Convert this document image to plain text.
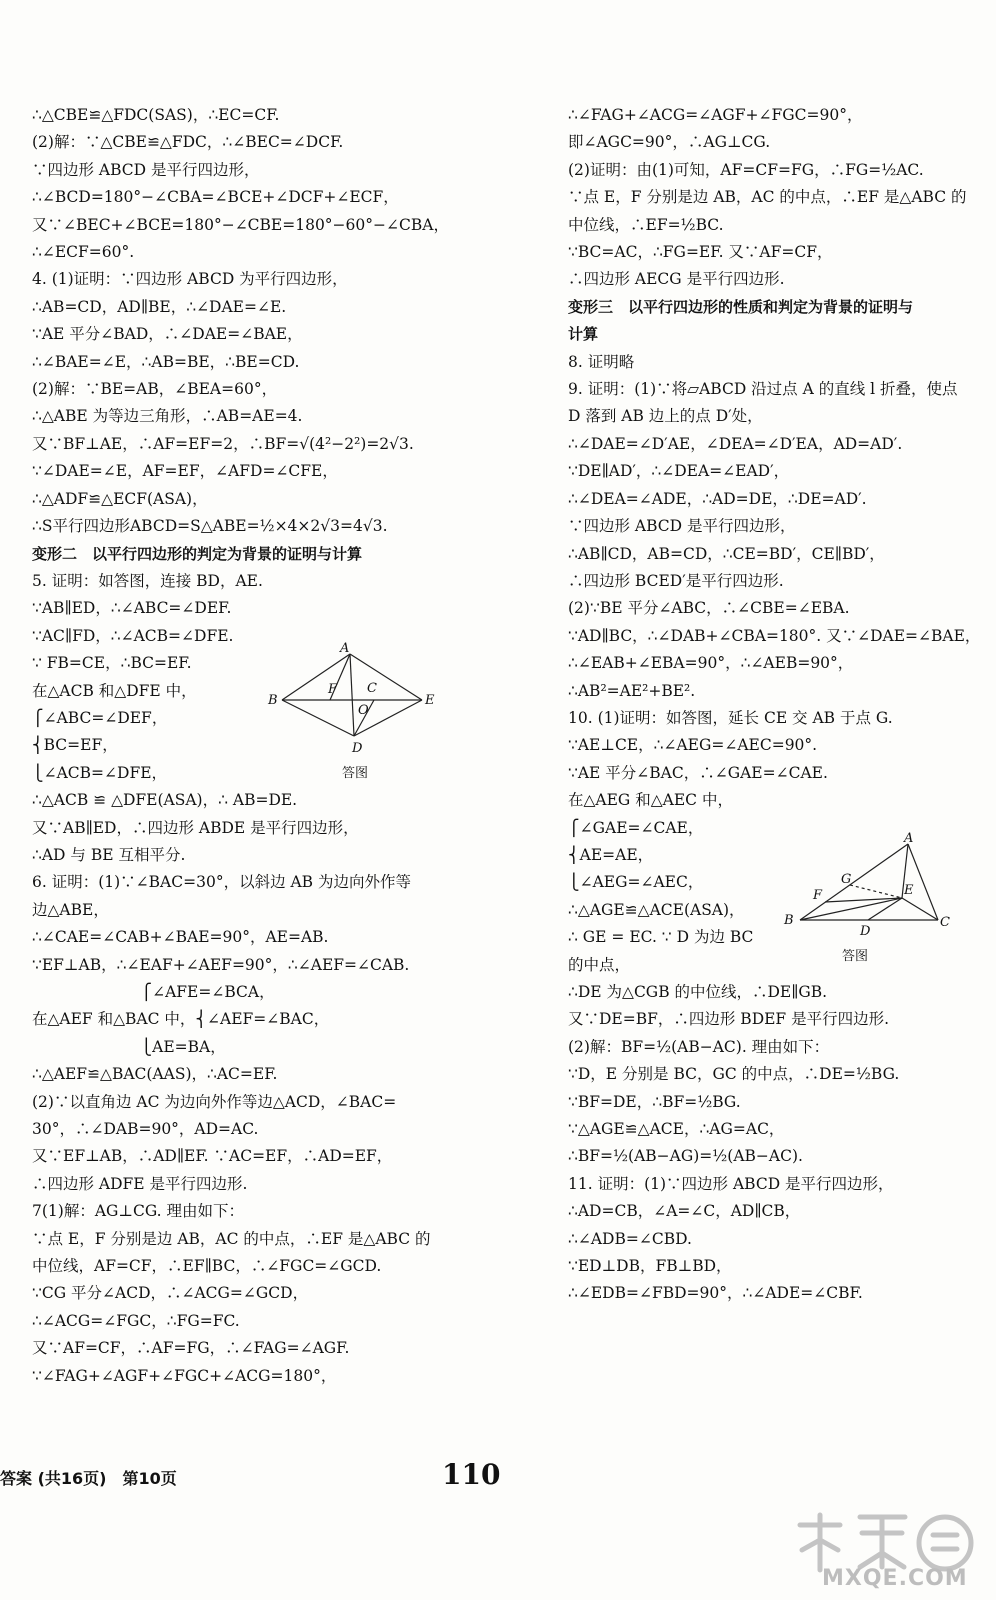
∴△CBE≌△FDC(SAS)，∴EC=CF.
(2)解：∵△CBE≌△FDC，∴∠BEC=∠DCF.
∵四边形 ABCD 是平行四边形，
∴∠BCD=180°−∠CBA=∠BCE+∠DCF+∠ECF，
又∵∠BEC+∠BCE=180°−∠CBE=180°−60°−∠CBA，
∴∠ECF=60°.
4. (1)证明：∵四边形 ABCD 为平行四边形，
∴AB=CD，AD∥BE，∴∠DAE=∠E.
∵AE 平分∠BAD，∴∠DAE=∠BAE，
∴∠BAE=∠E，∴AB=BE，∴BE=CD.
(2)解：∵BE=AB，∠BEA=60°，
∴△ABE 为等边三角形，∴AB=AE=4.
又∵BF⊥AE，∴AF=EF=2，∴BF=√(4²−2²)=2√3.
∵∠DAE=∠E，AF=EF，∠AFD=∠CFE，
∴△ADF≌△ECF(ASA)，
∴S平行四边形ABCD=S△ABE=½×4×2√3=4√3.
变形二　以平行四边形的判定为背景的证明与计算
5. 证明：如答图，连接 BD，AE.
∵AB∥ED，∴∠ABC=∠DEF.
∵AC∥FD，∴∠ACB=∠DFE.
∵ FB=CE，∴BC=EF.
在△ACB 和△DFE 中，
⎧∠ABC=∠DEF，
⎨BC=EF，
⎩∠ACB=∠DFE，
∴△ACB ≌ △DFE(ASA)，∴ AB=DE.
又∵AB∥ED，∴四边形 ABDE 是平行四边形，
∴AD 与 BE 互相平分.
6. 证明：(1)∵∠BAC=30°，以斜边 AB 为边向外作等
边△ABE，
∴∠CAE=∠CAB+∠BAE=90°，AE=AB.
∵EF⊥AB，∴∠EAF+∠AEF=90°，∴∠AEF=∠CAB.
　　　　　　　⎧∠AFE=∠BCA，
在△AEF 和△BAC 中，⎨∠AEF=∠BAC，
　　　　　　　⎩AE=BA，
∴△AEF≌△BAC(AAS)，∴AC=EF.
(2)∵以直角边 AC 为边向外作等边△ACD，∠BAC=
30°，∴∠DAB=90°，AD=AC.
又∵EF⊥AB，∴AD∥EF. ∵AC=EF，∴AD=EF，
∴四边形 ADFE 是平行四边形.
7(1)解：AG⊥CG. 理由如下：
∵点 E，F 分别是边 AB，AC 的中点，∴EF 是△ABC 的
中位线，AF=CF，∴EF∥BC，∴∠FGC=∠GCD.
∵CG 平分∠ACD，∴∠ACG=∠GCD，
∴∠ACG=∠FGC，∴FG=FC.
又∵AF=CF，∴AF=FG，∴∠FAG=∠AGF.
∵∠FAG+∠AGF+∠FGC+∠ACG=180°，
∴∠FAG+∠ACG=∠AGF+∠FGC=90°，
即∠AGC=90°，∴AG⊥CG.
(2)证明：由(1)可知，AF=CF=FG，∴FG=½AC.
∵点 E，F 分别是边 AB，AC 的中点，∴EF 是△ABC 的
中位线，∴EF=½BC.
∵BC=AC，∴FG=EF. 又∵AF=CF，
∴四边形 AECG 是平行四边形.
变形三　以平行四边形的性质和判定为背景的证明与
计算
8. 证明略
9. 证明：(1)∵将▱ABCD 沿过点 A 的直线 l 折叠，使点
D 落到 AB 边上的点 D′处，
∴∠DAE=∠D′AE，∠DEA=∠D′EA，AD=AD′.
∵DE∥AD′，∴∠DEA=∠EAD′，
∴∠DEA=∠ADE，∴AD=DE，∴DE=AD′.
∵四边形 ABCD 是平行四边形，
∴AB∥CD，AB=CD，∴CE=BD′，CE∥BD′，
∴四边形 BCED′是平行四边形.
(2)∵BE 平分∠ABC，∴∠CBE=∠EBA.
∵AD∥BC，∴∠DAB+∠CBA=180°. 又∵∠DAE=∠BAE，
∴∠EAB+∠EBA=90°，∴∠AEB=90°，
∴AB²=AE²+BE².
10. (1)证明：如答图，延长 CE 交 AB 于点 G.
∵AE⊥CE，∴∠AEG=∠AEC=90°.
∵AE 平分∠BAC，∴∠GAE=∠CAE.
在△AEG 和△AEC 中，
⎧∠GAE=∠CAE，
⎨AE=AE，
⎩∠AEG=∠AEC，
∴△AGE≌△ACE(ASA)，
∴ GE = EC. ∵ D 为边 BC
的中点，
∴DE 为△CGB 的中位线，∴DE∥GB.
又∵DE=BF，∴四边形 BDEF 是平行四边形.
(2)解：BF=½(AB−AC). 理由如下：
∵D，E 分别是 BC，GC 的中点，∴DE=½BG.
∵BF=DE，∴BF=½BG.
∵△AGE≌△ACE，∴AG=AC，
∴BF=½(AB−AG)=½(AB−AC).
11. 证明：(1)∵四边形 ABCD 是平行四边形，
∴AD=CB，∠A=∠C，AD∥CB，
∴∠ADB=∠CBD.
∵ED⊥DB，FB⊥BD，
∴∠EDB=∠FBD=90°，∴∠ADE=∠CBF.
A
B
C
D
E
F
O
答图
A
B	C
D
E
F
G
答图
答案 (共16页)　第10页	110
MXQE.COM
